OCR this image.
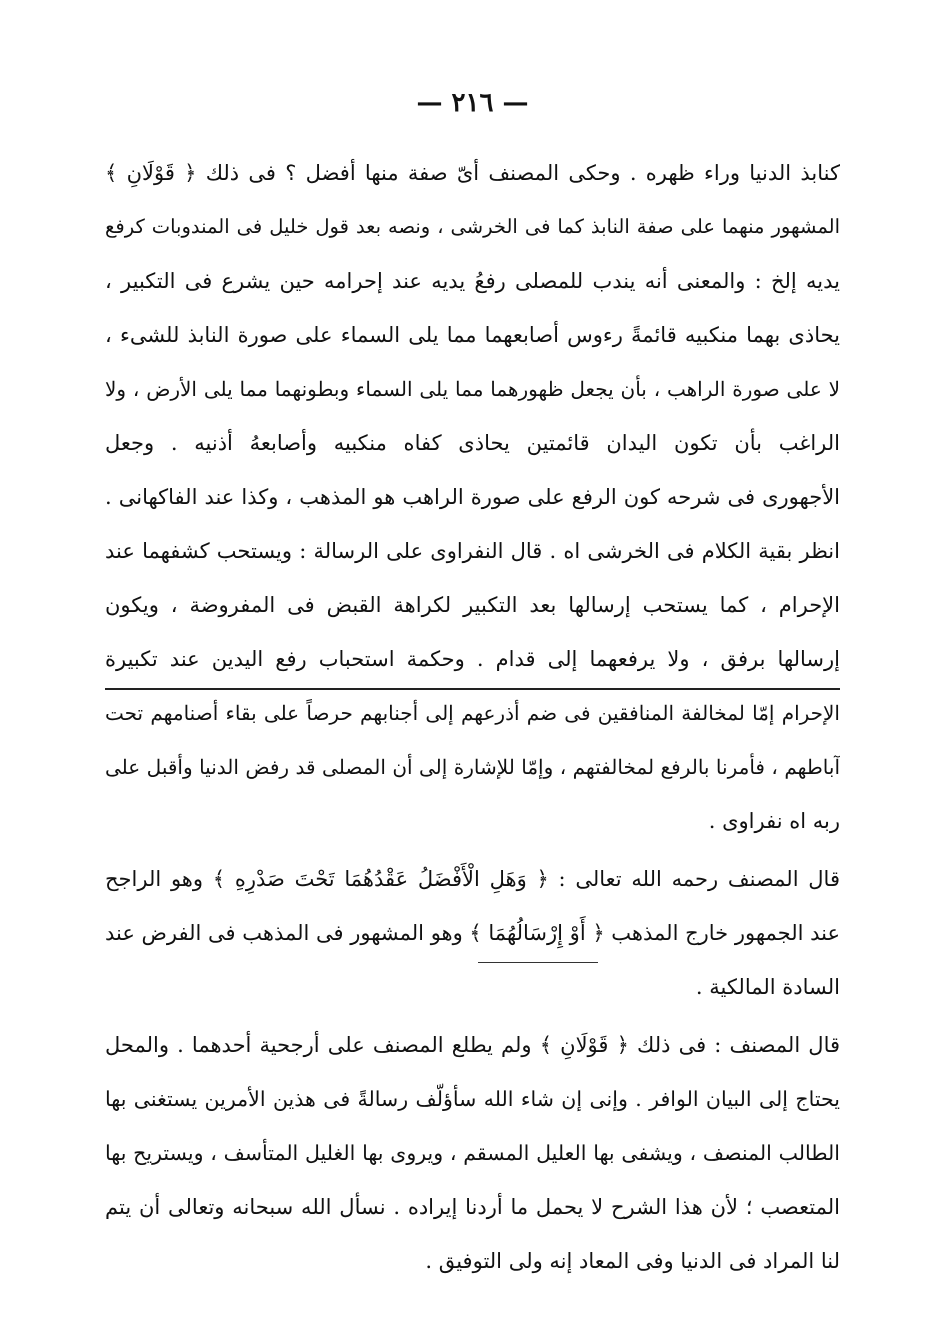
— ٢١٦ —
كنابذ الدنيا وراء ظهره . وحكى المصنف أىّ صفة منها أفضل ؟ فى ذلك ﴿ قَوْلَانِ ﴾
المشهور منهما على صفة النابذ كما فى الخرشى ، ونصه بعد قول خليل فى المندوبات كرفع
يديه إلخ : والمعنى أنه يندب للمصلى رفعُ يديه عند إحرامه حين يشرع فى التكبير ،
يحاذى بهما منكبيه قائمةً رءوس أصابعهما مما يلى السماء على صورة النابذ للشىء ،
لا على صورة الراهب ، بأن يجعل ظهورهما مما يلى السماء وبطونهما مما يلى الأرض ، ولا
الراغب بأن تكون اليدان قائمتين يحاذى كفاه منكبيه وأصابعهُ أذنيه . وجعل
الأجهورى فى شرحه كون الرفع على صورة الراهب هو المذهب ، وكذا عند الفاكهانى .
انظر بقية الكلام فى الخرشى اه . قال النفراوى على الرسالة : ويستحب كشفهما عند
الإحرام ، كما يستحب إرسالها بعد التكبير لكراهة القبض فى المفروضة ، ويكون
إرسالها برفق ، ولا يرفعهما إلى قدام . وحكمة استحباب رفع اليدين عند تكبيرة
الإحرام إمّا لمخالفة المنافقين فى ضم أذرعهم إلى أجنابهم حرصاً على بقاء أصنامهم تحت
آباطهم ، فأمرنا بالرفع لمخالفتهم ، وإمّا للإشارة إلى أن المصلى قد رفض الدنيا وأقبل على
ربه اه نفراوى .
قال المصنف رحمه الله تعالى : ﴿ وَهَلِ الْأَفْضَلُ عَقْدُهُمَا تَحْتَ صَدْرِهِ ﴾ وهو الراجح
عند الجمهور خارج المذهب ﴿ أَوْ إِرْسَالُهُمَا ﴾ وهو المشهور فى المذهب فى الفرض عند
السادة المالكية .
قال المصنف : فى ذلك ﴿ قَوْلَانِ ﴾ ولم يطلع المصنف على أرجحية أحدهما . والمحل
يحتاج إلى البيان الوافر . وإنى إن شاء الله سأؤلّف رسالةً فى هذين الأمرين يستغنى بها
الطالب المنصف ، ويشفى بها العليل المسقم ، ويروى بها الغليل المتأسف ، ويستريح بها
المتعصب ؛ لأن هذا الشرح لا يحمل ما أردنا إيراده . نسأل الله سبحانه وتعالى أن يتم
لنا المراد فى الدنيا وفى المعاد إنه ولى التوفيق .
